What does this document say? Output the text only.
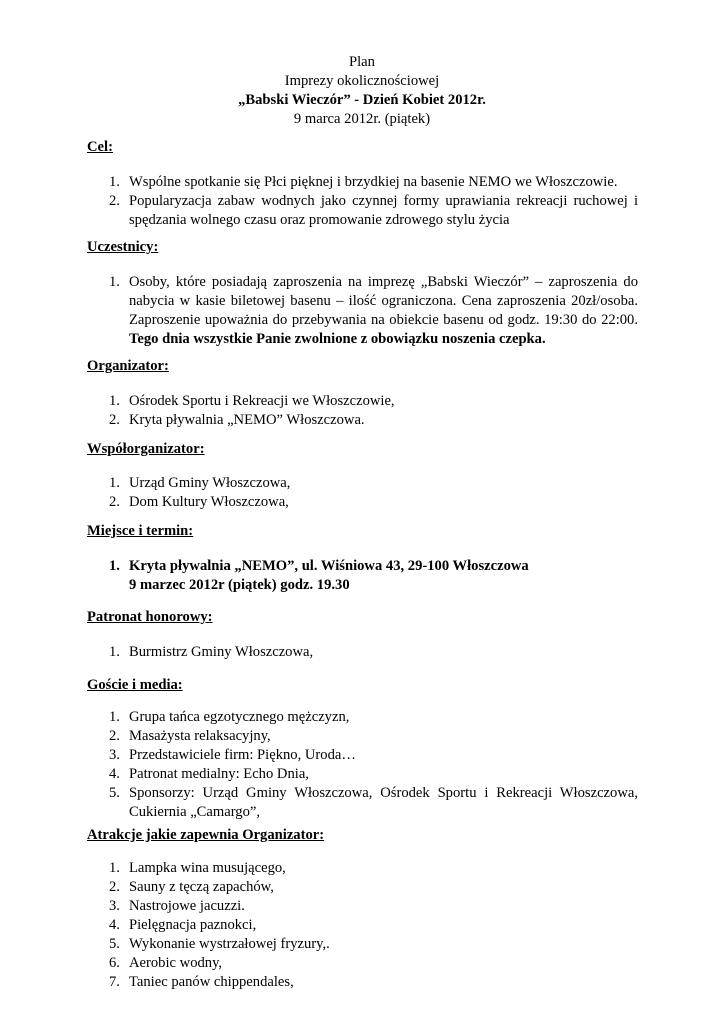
Plan
Imprezy okolicznościowej
„Babski Wieczór” - Dzień Kobiet 2012r.
9 marca 2012r. (piątek)
Cel:
1. Wspólne spotkanie się Płci pięknej i brzydkiej na basenie NEMO we Włoszczowie.
2. Popularyzacja zabaw wodnych jako czynnej formy uprawiania rekreacji ruchowej i spędzania wolnego czasu oraz promowanie zdrowego stylu życia
Uczestnicy:
1. Osoby, które posiadają zaproszenia na imprezę „Babski Wieczór” – zaproszenia do nabycia w kasie biletowej basenu – ilość ograniczona. Cena zaproszenia 20zł/osoba. Zaproszenie upoważnia do przebywania na obiekcie basenu od godz. 19:30 do 22:00. Tego dnia wszystkie Panie zwolnione z obowiązku noszenia czepka.
Organizator:
1. Ośrodek Sportu i Rekreacji we Włoszczowie,
2. Kryta pływalnia „NEMO” Włoszczowa.
Współorganizator:
1. Urząd Gminy Włoszczowa,
2. Dom Kultury Włoszczowa,
Miejsce i termin:
1. Kryta pływalnia „NEMO”, ul. Wiśniowa 43, 29-100 Włoszczowa
9 marzec 2012r (piątek) godz. 19.30
Patronat honorowy:
1. Burmistrz Gminy Włoszczowa,
Goście i media:
1. Grupa tańca egzotycznego mężczyzn,
2. Masażysta relaksacyjny,
3. Przedstawiciele firm: Piękno, Uroda…
4. Patronat medialny: Echo Dnia,
5. Sponsorzy: Urząd Gminy Włoszczowa, Ośrodek Sportu i Rekreacji Włoszczowa, Cukiernia „Camargo”,
Atrakcje jakie zapewnia Organizator:
1. Lampka wina musującego,
2. Sauny z tęczą zapachów,
3. Nastrojowe jacuzzi.
4. Pielęgnacja paznokci,
5. Wykonanie wystrzałowej fryzury,.
6. Aerobic wodny,
7. Taniec panów chippendales,
